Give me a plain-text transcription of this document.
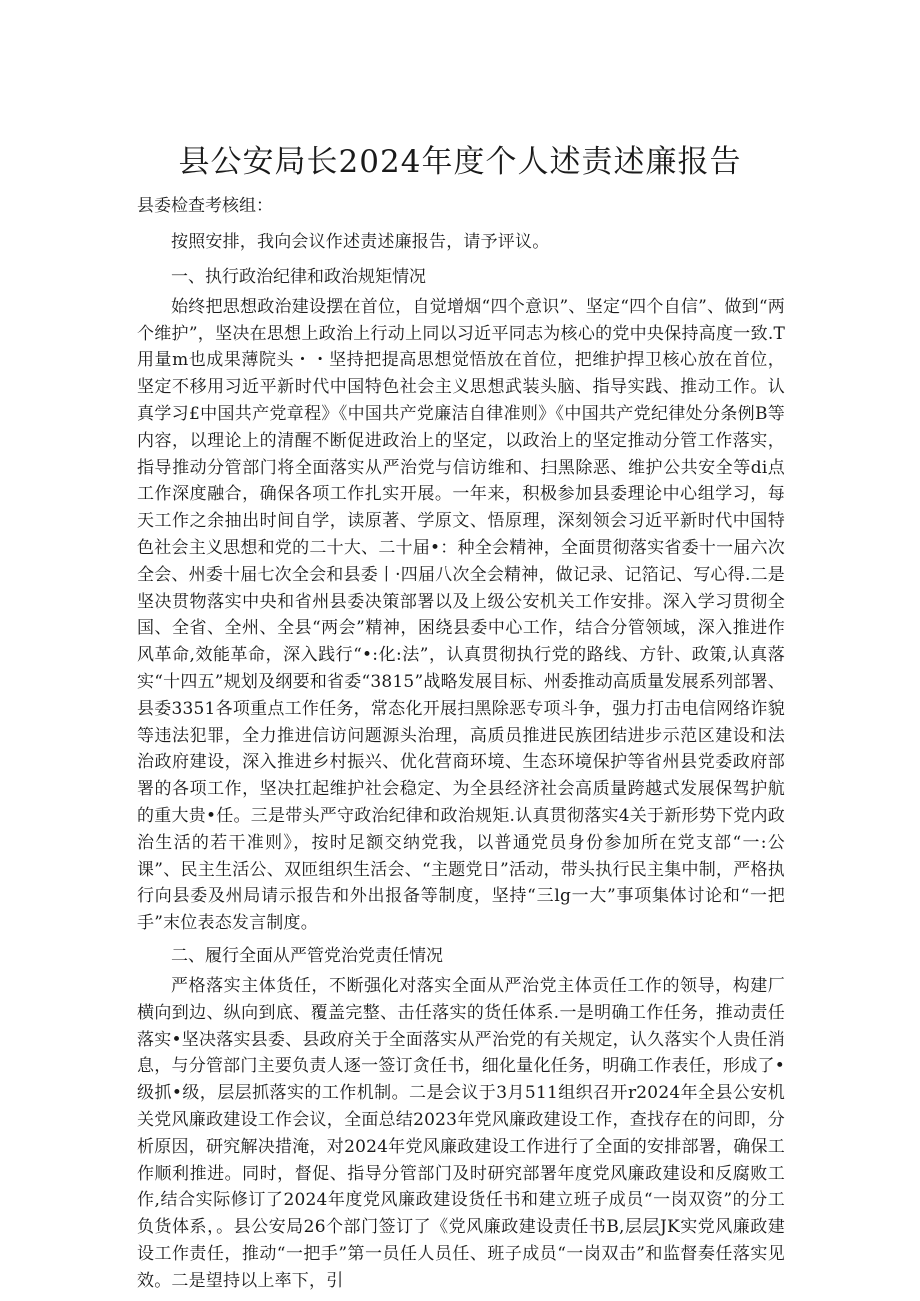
县公安局长2024年度个人述责述廉报告

县委检查考核组：

按照安排，我向会议作述责述廉报告，请予评议。

一、执行政治纪律和政治规矩情况

始终把思想政治建设摆在首位，自觉增烟“四个意识”、坚定“四个自信”、做到“两个维护”，坚决在思想上政治上行动上同以习近平同志为核心的党中央保持高度一致.T用量m也成果薄院头・・坚持把提高思想觉悟放在首位，把维护捍卫核心放在首位，坚定不移用习近平新时代中国特色社会主义思想武装头脑、指导实践、推动工作。认真学习£中国共产党章程》《中国共产党廉洁自律准则》《中国共产党纪律处分条例B等内容，以理论上的清醒不断促进政治上的坚定，以政治上的坚定推动分管工作落实，指导推动分管部门将全面落实从严治党与信访维和、扫黑除恶、维护公共安全等di点工作深度融合，确保各项工作扎实开展。一年来，积极参加县委理论中心组学习，每天工作之余抽出时间自学，读原著、学原文、悟原理，深刻领会习近平新时代中国特色社会主义思想和党的二十大、二十届•：种全会精神，全面贯彻落实省委十一届六次全会、州委十届七次全会和县委丨·四届八次全会精神，做记录、记箔记、写心得.二是坚决贯物落实中央和省州县委决策部署以及上级公安机关工作安排。深入学习贯彻全国、全省、全州、全县“两会”精神，困绕县委中心工作，结合分管领域，深入推进作风革命,效能革命，深入践行“•:化:法”，认真贯彻执行党的路线、方针、政策,认真落实“十四五”规划及纲要和省委“3815”战略发展目标、州委推动高质量发展系列部署、县委3351各项重点工作任务，常态化开展扫黑除恶专项斗争，强力打击电信网络诈貌等违法犯罪，全力推进信访问题源头治理，高质员推进民族团结进步示范区建设和法治政府建设，深入推进乡村振兴、优化营商环境、生态环境保护等省州县党委政府部署的各项工作，坚决扛起维护社会稳定、为全县经济社会高质量跨越式发展保驾护航的重大贵•任。三是带头严守政治纪律和政治规矩.认真贯彻落实4关于新形势下党内政治生活的若干准则》，按时足额交纳党我，以普通党员身份参加所在党支部“一:公课”、民主生活公、双匝组织生活会、“主题党日”活动，带头执行民主集中制，严格执行向县委及州局请示报告和外出报备等制度，坚持“三lg一大”事项集体讨论和“一把手”末位表态发言制度。

二、履行全面从严管党治党责任情况

严格落实主体货任，不断强化对落实全面从严治党主体贡任工作的领导，构建厂横向到边、纵向到底、覆盖完整、击任落实的货任体系.一是明确工作任务，推动责任落实•坚决落实县委、县政府关于全面落实从严治党的有关规定，认久落实个人贵任消息，与分管部门主要负责人逐一签订贪任书，细化量化任务，明确工作表任，形成了•级抓•级，层层抓落实的工作机制。二是会议于3月511组织召开r2024年全县公安机关党风廉政建设工作会议，全面总结2023年党风廉政建设工作，查找存在的问即，分析原因，研究解决措淹，对2024年党风廉政建设工作进行了全面的安排部署，确保工作顺利推进。同时，督促、指导分管部门及时研究部署年度党风廉政建设和反腐败工作,结合实际修订了2024年度党风廉政建设货任书和建立班子成员“一岗双资”的分工负货体系，。县公安局26个部门签订了《党风廉政建设责任书B,层层JK实党风廉政建设工作责任，推动“一把手”第一员任人员任、班子成员“一岗双击”和监督奏任落实见效。二是望持以上率下，引
